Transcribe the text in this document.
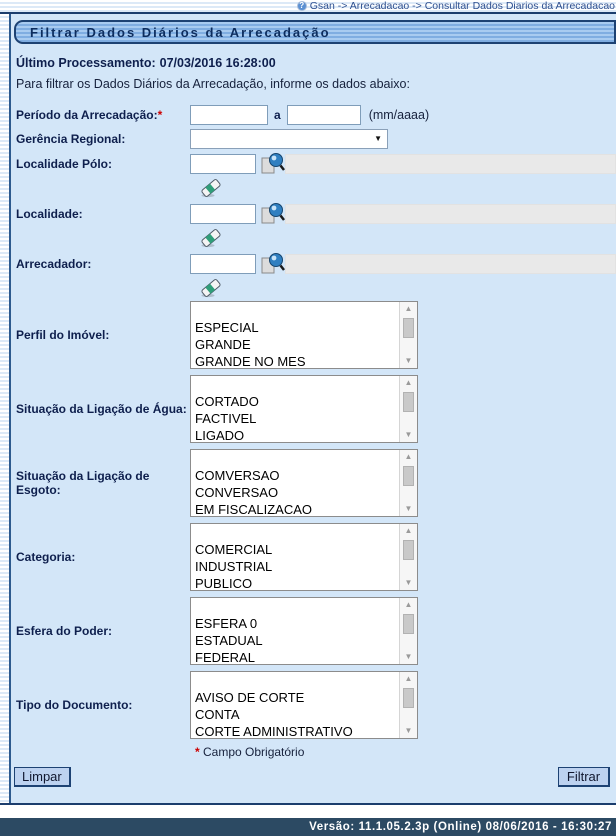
?
Gsan -> Arrecadacao -> Consultar Dados Diarios da Arrecadacao
Filtrar Dados Diários da Arrecadação
Último Processamento: 07/03/2016 16:28:00
Para filtrar os Dados Diários da Arrecadação, informe os dados abaixo:
Período da Arrecadação:*	a	(mm/aaaa)
Gerência Regional:
▼
Localidade Pólo:
Localidade:
Arrecadador:
Perfil do Imóvel:	ESPECIAL
GRANDE
GRANDE NO MES
▲
▼
Situação da Ligação de Água: CORTADO
FACTIVEL
LIGADO
▲
▼
Situação da Ligação de Esgoto:
COMVERSAO
CONVERSAO
EM FISCALIZACAO
▲
▼
Categoria:	COMERCIAL
INDUSTRIAL
PUBLICO
▲
▼
Esfera do Poder:	ESFERA 0
ESTADUAL
FEDERAL
▲
▼
Tipo do Documento:	AVISO DE CORTE
CONTA
CORTE ADMINISTRATIVO
▲
▼
* Campo Obrigatório
Limpar	Filtrar
Versão: 11.1.05.2.3p (Online) 08/06/2016 - 16:30:27
